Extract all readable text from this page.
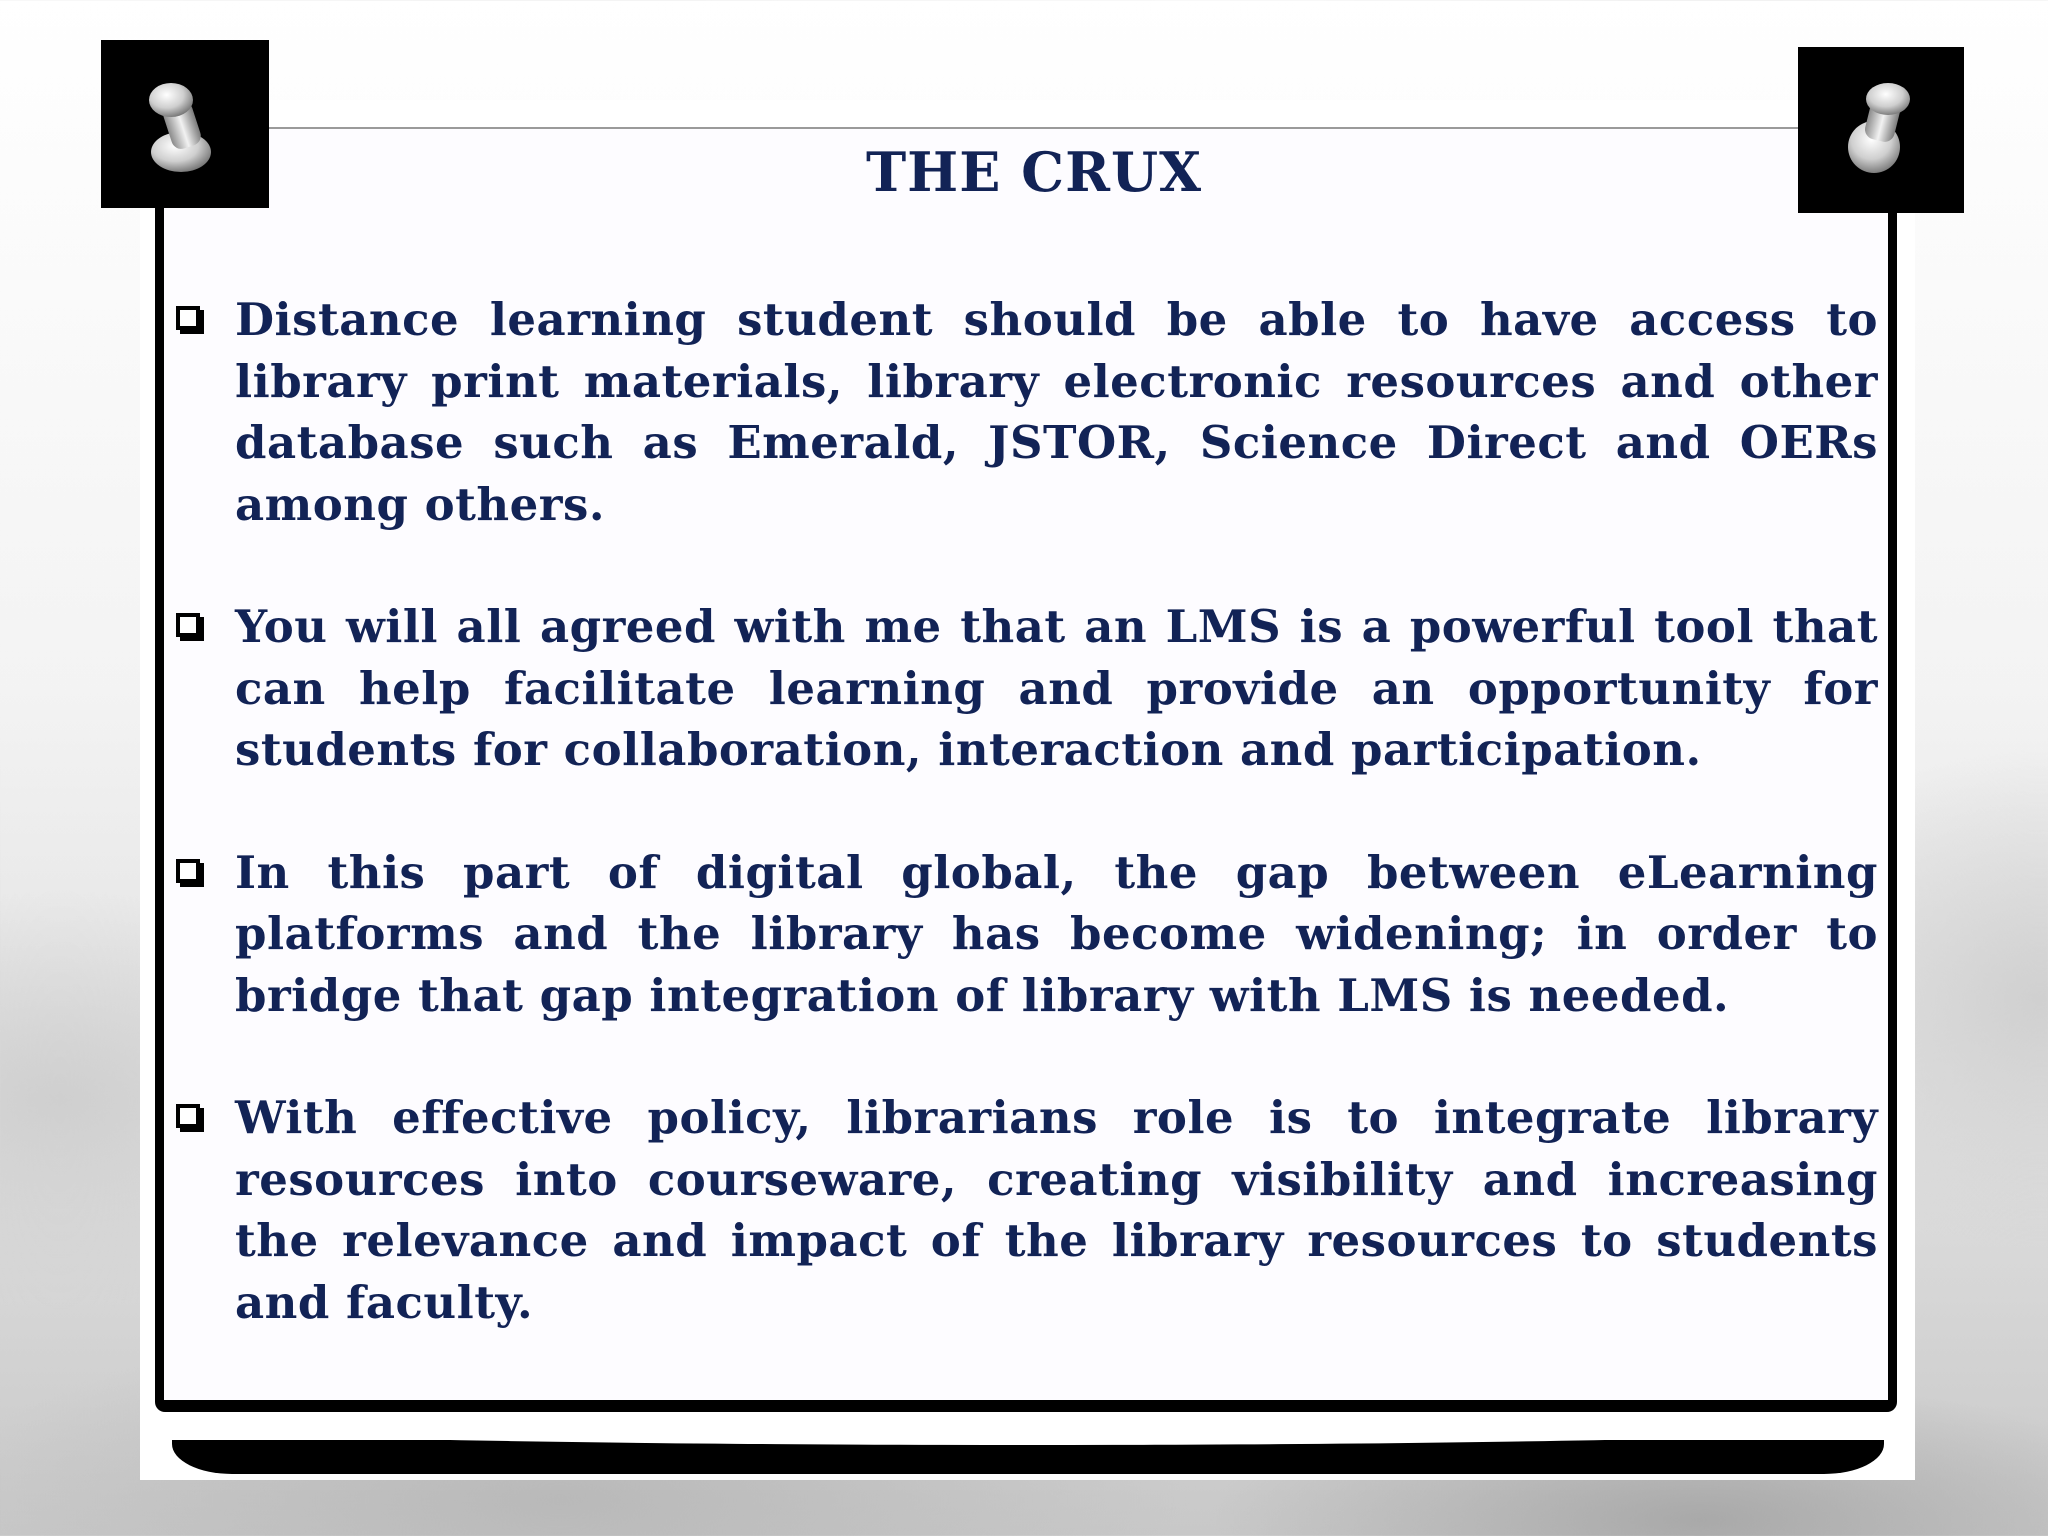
THE CRUX
Distance learning student should be able to have access to library print materials, library electronic resources and other database such as Emerald, JSTOR, Science Direct and OERs among others.
You will all agreed with me that an LMS is a powerful tool that can help facilitate learning and provide an opportunity for students for collaboration, interaction and participation.
In this part of digital global, the gap between eLearning platforms and the library has become widening; in order to bridge that gap integration of library with LMS is needed.
With effective policy, librarians role is to integrate library resources into courseware, creating visibility and increasing the relevance and impact of the library resources to students and faculty.
